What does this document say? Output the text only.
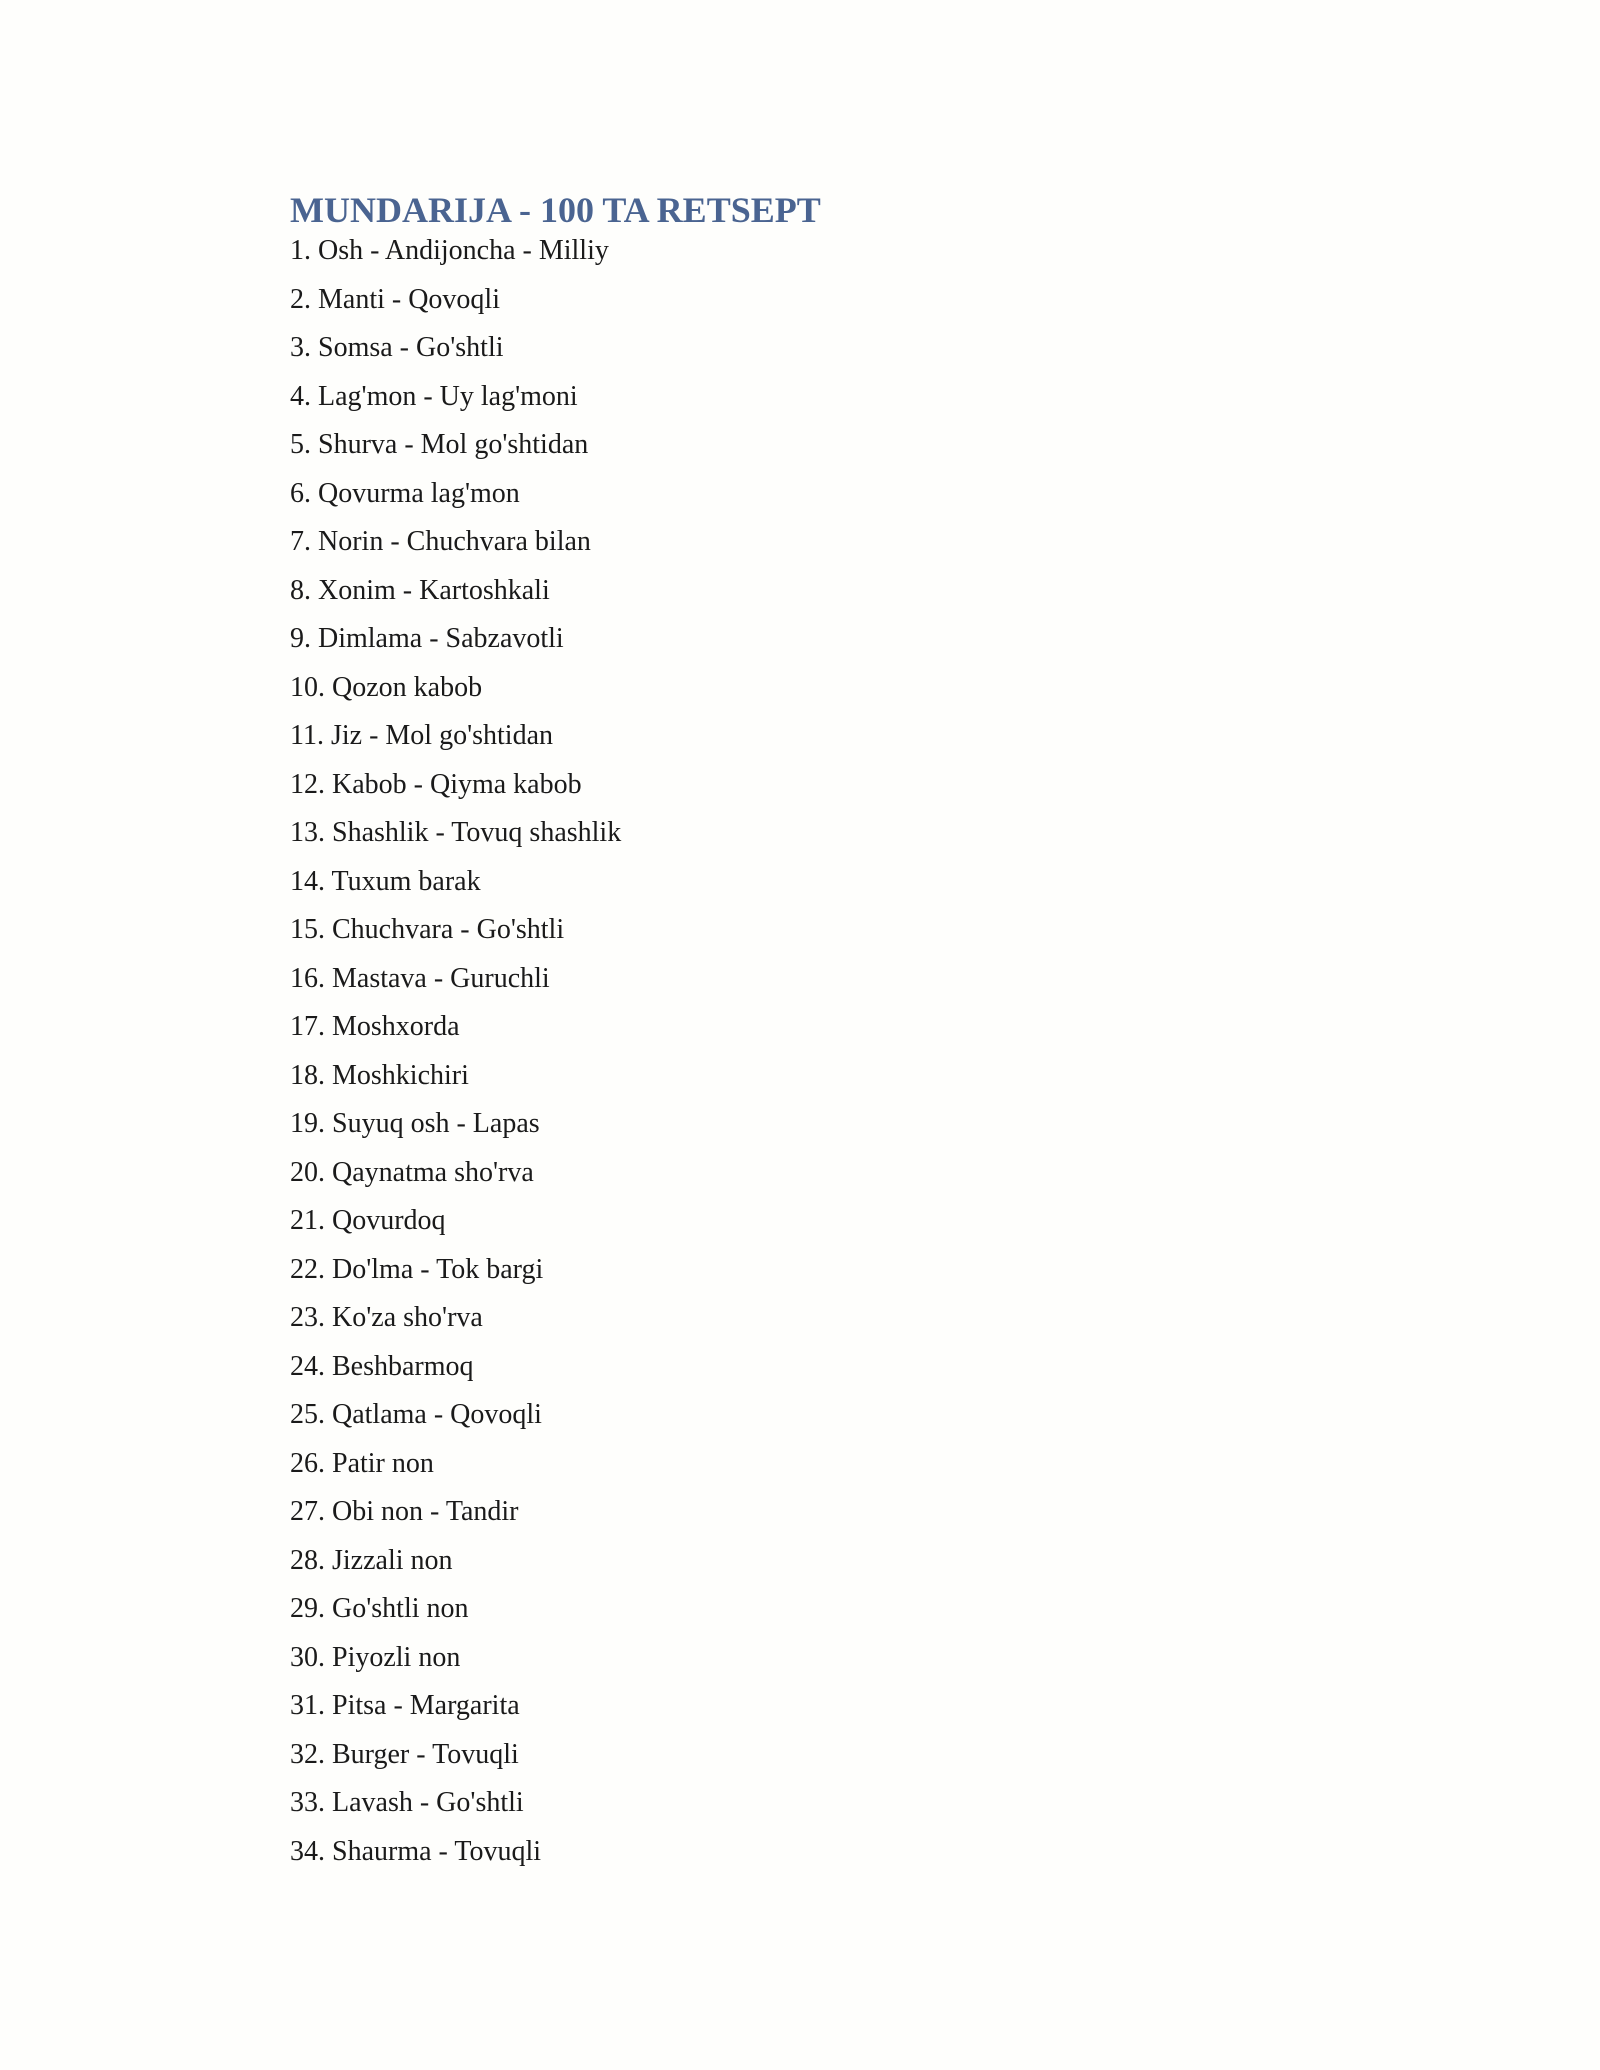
MUNDARIJA - 100 TA RETSEPT
1. Osh - Andijoncha - Milliy
2. Manti - Qovoqli
3. Somsa - Go'shtli
4. Lag'mon - Uy lag'moni
5. Shurva - Mol go'shtidan
6. Qovurma lag'mon
7. Norin - Chuchvara bilan
8. Xonim - Kartoshkali
9. Dimlama - Sabzavotli
10. Qozon kabob
11. Jiz - Mol go'shtidan
12. Kabob - Qiyma kabob
13. Shashlik - Tovuq shashlik
14. Tuxum barak
15. Chuchvara - Go'shtli
16. Mastava - Guruchli
17. Moshxorda
18. Moshkichiri
19. Suyuq osh - Lapas
20. Qaynatma sho'rva
21. Qovurdoq
22. Do'lma - Tok bargi
23. Ko'za sho'rva
24. Beshbarmoq
25. Qatlama - Qovoqli
26. Patir non
27. Obi non - Tandir
28. Jizzali non
29. Go'shtli non
30. Piyozli non
31. Pitsa - Margarita
32. Burger - Tovuqli
33. Lavash - Go'shtli
34. Shaurma - Tovuqli
